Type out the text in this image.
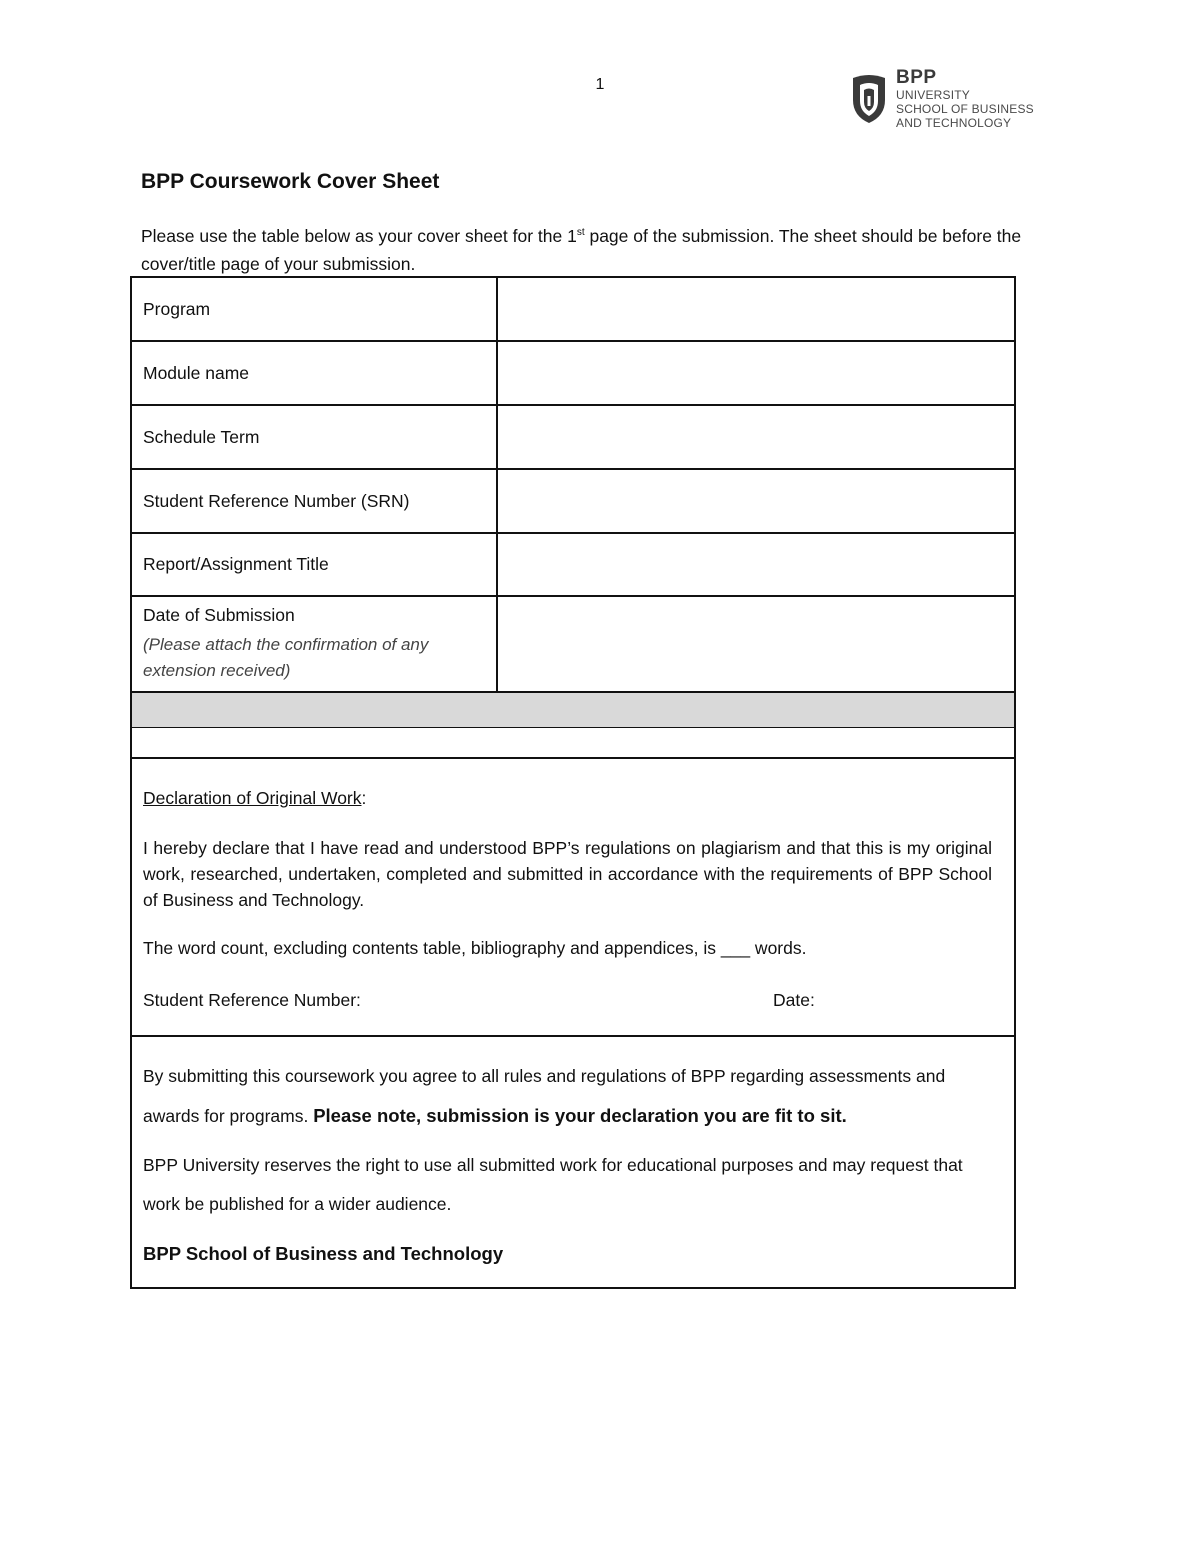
1	BPP
UNIVERSITY
SCHOOL OF BUSINESS
AND TECHNOLOGY
BPP Coursework Cover Sheet

Please use the table below as your cover sheet for the 1st page of the submission. The sheet should be before the cover/title page of your submission.

Program
Module name
Schedule Term
Student Reference Number (SRN)
Report/Assignment Title
Date of Submission
(Please attach the confirmation of any extension received)

Declaration of Original Work:

I hereby declare that I have read and understood BPP’s regulations on plagiarism and that this is my original work, researched, undertaken, completed and submitted in accordance with the requirements of BPP School of Business and Technology.

The word count, excluding contents table, bibliography and appendices, is ___ words.

Student Reference Number:	Date:

By submitting this coursework you agree to all rules and regulations of BPP regarding assessments and awards for programs. Please note, submission is your declaration you are fit to sit.

BPP University reserves the right to use all submitted work for educational purposes and may request that work be published for a wider audience.

BPP School of Business and Technology
